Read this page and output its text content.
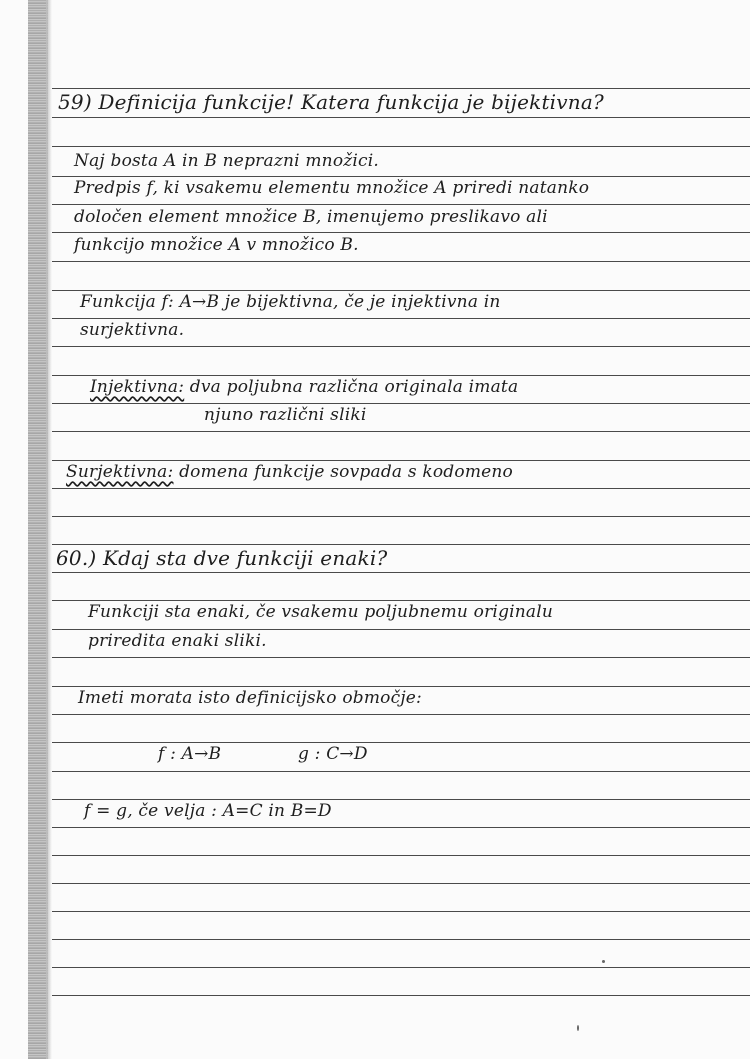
59) Definicija funkcije! Katera funkcija je bijektivna?
Naj bosta A in B neprazni množici.
Predpis f, ki vsakemu elementu množice A priredi natanko
določen element množice B, imenujemo preslikavo ali
funkcijo množice A v množico B.
Funkcija f: A→B je bijektivna, če je injektivna in
surjektivna.
Injektivna: dva poljubna različna originala imata
njuno različni sliki
Surjektivna: domena funkcije sovpada s kodomeno
60.) Kdaj sta dve funkciji enaki?
Funkciji sta enaki, če vsakemu poljubnemu originalu
priredita enaki sliki.
Imeti morata isto definicijsko območje:
f : A→B	g : C→D
f = g, če velja : A=C in B=D
